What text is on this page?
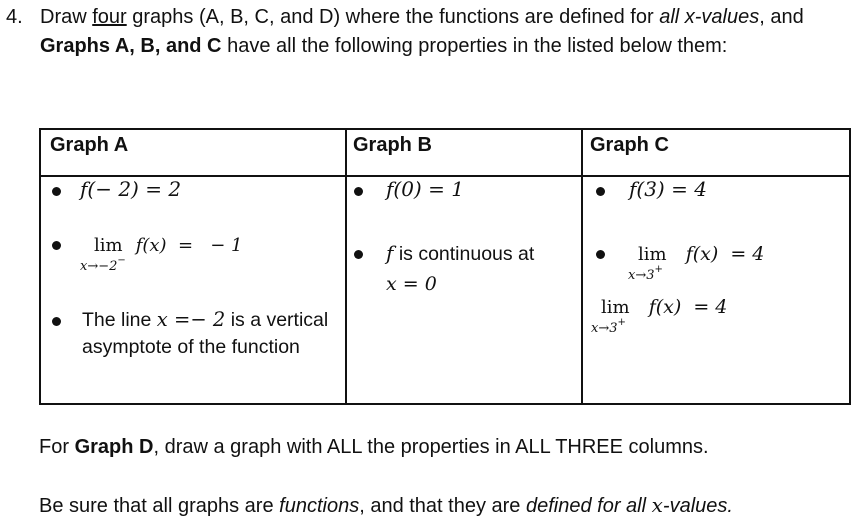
4. Draw four graphs (A, B, C, and D) where the functions are defined for all x-values, and
Graphs A, B, and C have all the following properties in the listed below them:
Graph A	Graph B	Graph C
f(− 2) = 2
lim f(x)  =   − 1
x→−2−
The line x =− 2 is a vertical
asymptote of the function
f(0) = 1
f is continuous at
x = 0
f(3) = 4
lim f(x)  = 4
x→3+
lim f(x)  = 4
x→3+
For Graph D, draw a graph with ALL the properties in ALL THREE columns.
Be sure that all graphs are functions, and that they are defined for all x-values.
